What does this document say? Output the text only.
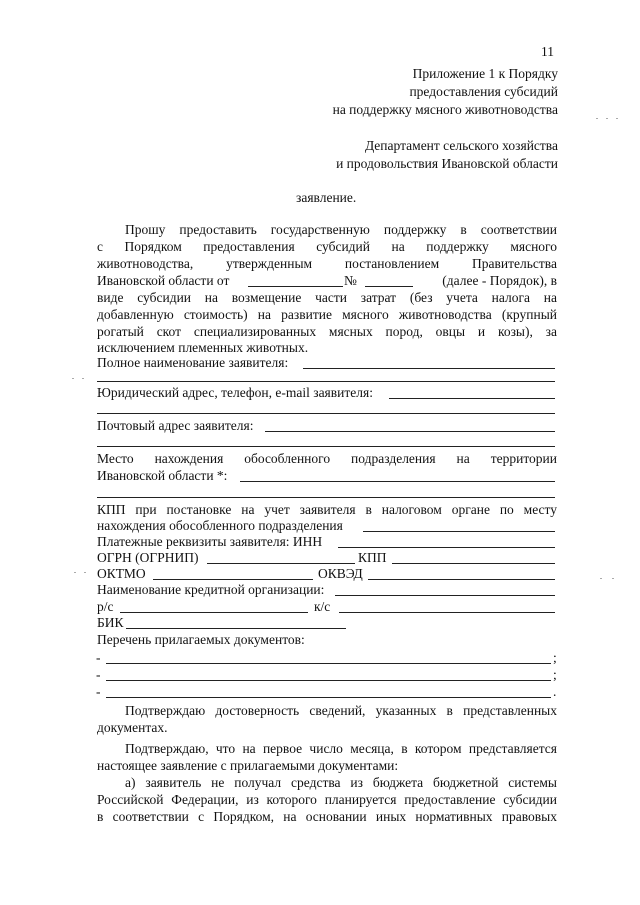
11
Приложение 1 к Порядку
предоставления субсидий
на поддержку мясного животноводства
Департамент сельского хозяйства
и продовольствия Ивановской области
заявление.
Прошу предоставить государственную поддержку в соответствии
с Порядком предоставления субсидий на поддержку мясного
животноводства, утвержденным постановлением Правительства
Ивановской области от	№	(далее - Порядок), в
виде субсидии на возмещение части затрат (без учета налога на
добавленную стоимость) на развитие мясного животноводства (крупный
рогатый скот специализированных мясных пород, овцы и козы), за
исключением племенных животных.
Полное наименование заявителя:
Юридический адрес, телефон, e-mail заявителя:
Почтовый адрес заявителя:
Место нахождения обособленного подразделения на территории
Ивановской области *:
КПП при постановке на учет заявителя в налоговом органе по месту
нахождения обособленного подразделения
Платежные реквизиты заявителя: ИНН
ОГРН (ОГРНИП)	КПП
ОКТМО	ОКВЭД
Наименование кредитной организации:
р/с	к/с
БИК
Перечень прилагаемых документов:
-	;
-	;
-	.
Подтверждаю достоверность сведений, указанных в представленных
документах.
Подтверждаю, что на первое число месяца, в котором представляется
настоящее заявление с прилагаемыми документами:
а) заявитель не получал средства из бюджета бюджетной системы
Российской Федерации, из которого планируется предоставление субсидии
в соответствии с Порядком, на основании иных нормативных правовых
